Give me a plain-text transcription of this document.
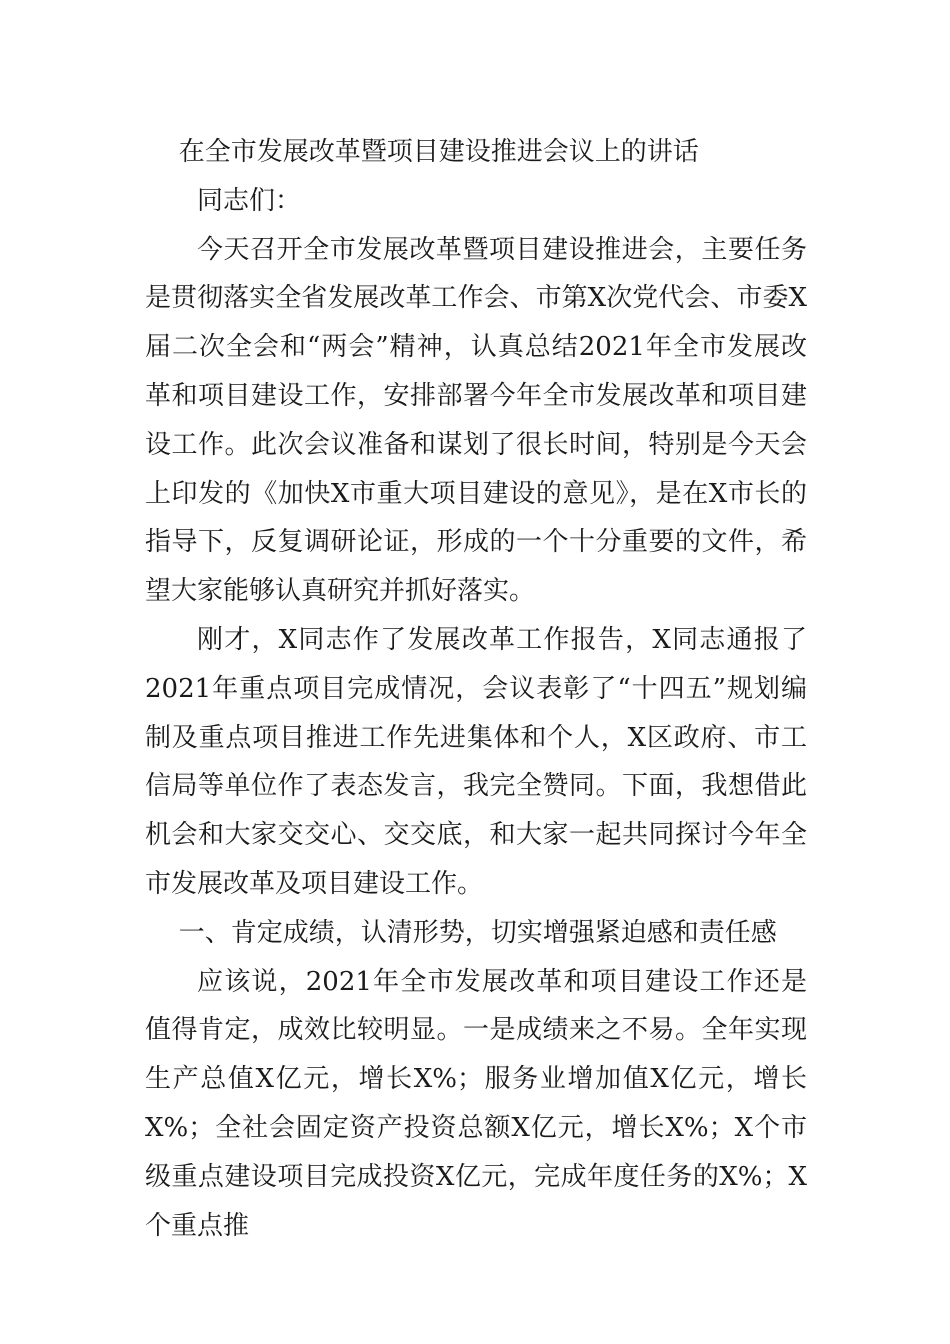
在全市发展改革暨项目建设推进会议上的讲话

同志们：

今天召开全市发展改革暨项目建设推进会，主要任务是贯彻落实全省发展改革工作会、市第X次党代会、市委X届二次全会和“两会”精神，认真总结2021年全市发展改革和项目建设工作，安排部署今年全市发展改革和项目建设工作。此次会议准备和谋划了很长时间，特别是今天会上印发的《加快X市重大项目建设的意见》，是在X市长的指导下，反复调研论证，形成的一个十分重要的文件，希望大家能够认真研究并抓好落实。

刚才，X同志作了发展改革工作报告，X同志通报了2021年重点项目完成情况，会议表彰了“十四五”规划编制及重点项目推进工作先进集体和个人，X区政府、市工信局等单位作了表态发言，我完全赞同。下面，我想借此机会和大家交交心、交交底，和大家一起共同探讨今年全市发展改革及项目建设工作。

一、肯定成绩，认清形势，切实增强紧迫感和责任感

应该说，2021年全市发展改革和项目建设工作还是值得肯定，成效比较明显。一是成绩来之不易。全年实现生产总值X亿元，增长X%；服务业增加值X亿元，增长X%；全社会固定资产投资总额X亿元，增长X%；X个市级重点建设项目完成投资X亿元，完成年度任务的X%；X个重点推
